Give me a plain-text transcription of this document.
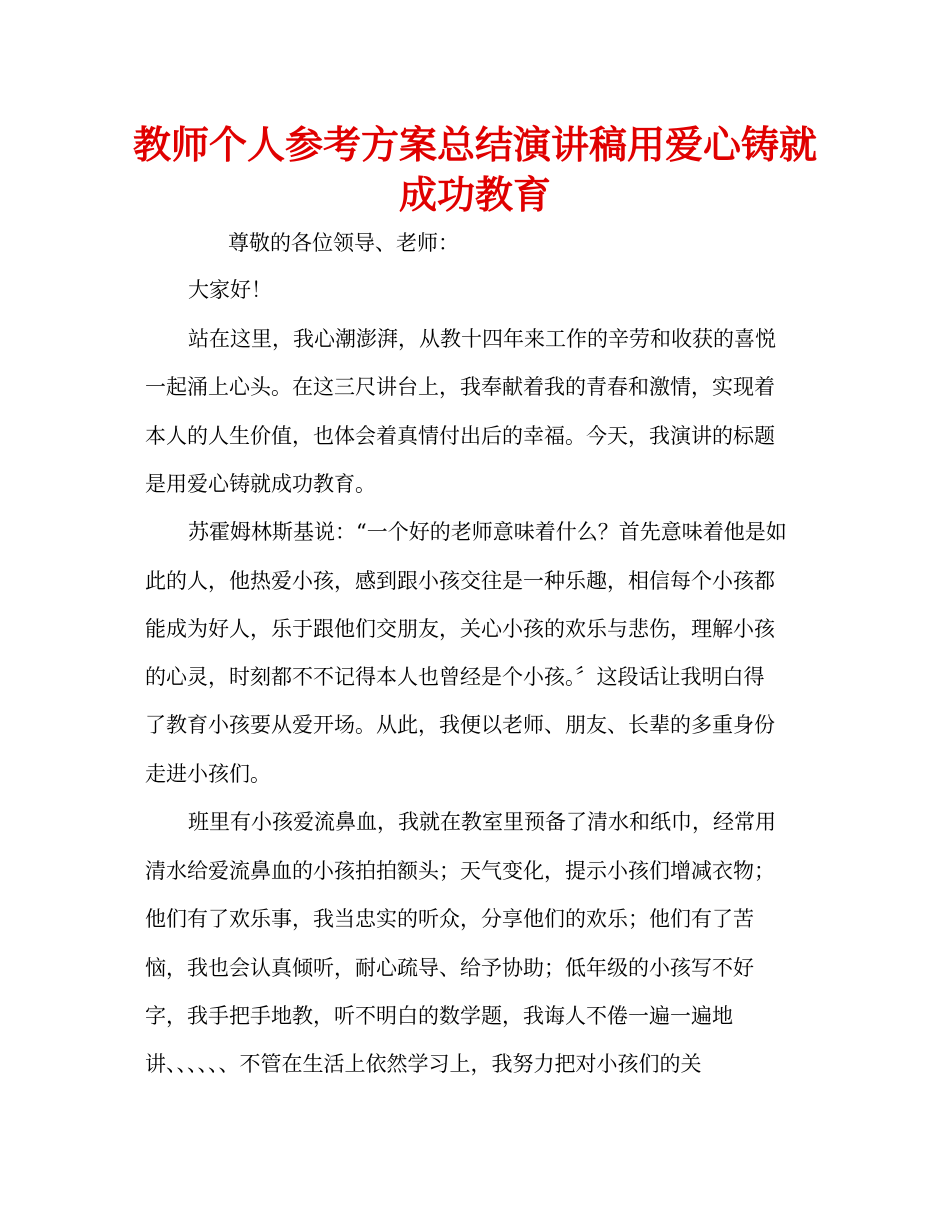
教师个人参考方案总结演讲稿用爱心铸就
成功教育

尊敬的各位领导、老师：

大家好！

站在这里，我心潮澎湃，从教十四年来工作的辛劳和收获的喜悦

一起涌上心头。在这三尺讲台上，我奉献着我的青春和激情，实现着

本人的人生价值，也体会着真情付出后的幸福。今天，我演讲的标题

是用爱心铸就成功教育。

苏霍姆林斯基说：“一个好的老师意味着什么？首先意味着他是如

此的人，他热爱小孩，感到跟小孩交往是一种乐趣，相信每个小孩都

能成为好人，乐于跟他们交朋友，关心小孩的欢乐与悲伤，理解小孩

的心灵，时刻都不不记得本人也曾经是个小孩。〞这段话让我明白得

了教育小孩要从爱开场。从此，我便以老师、朋友、长辈的多重身份

走进小孩们。

班里有小孩爱流鼻血，我就在教室里预备了清水和纸巾，经常用

清水给爱流鼻血的小孩拍拍额头；天气变化，提示小孩们增减衣物；

他们有了欢乐事，我当忠实的听众，分享他们的欢乐；他们有了苦

恼，我也会认真倾听，耐心疏导、给予协助；低年级的小孩写不好

字，我手把手地教，听不明白的数学题，我诲人不倦一遍一遍地

讲、、、、、、不管在生活上依然学习上，我努力把对小孩们的关
